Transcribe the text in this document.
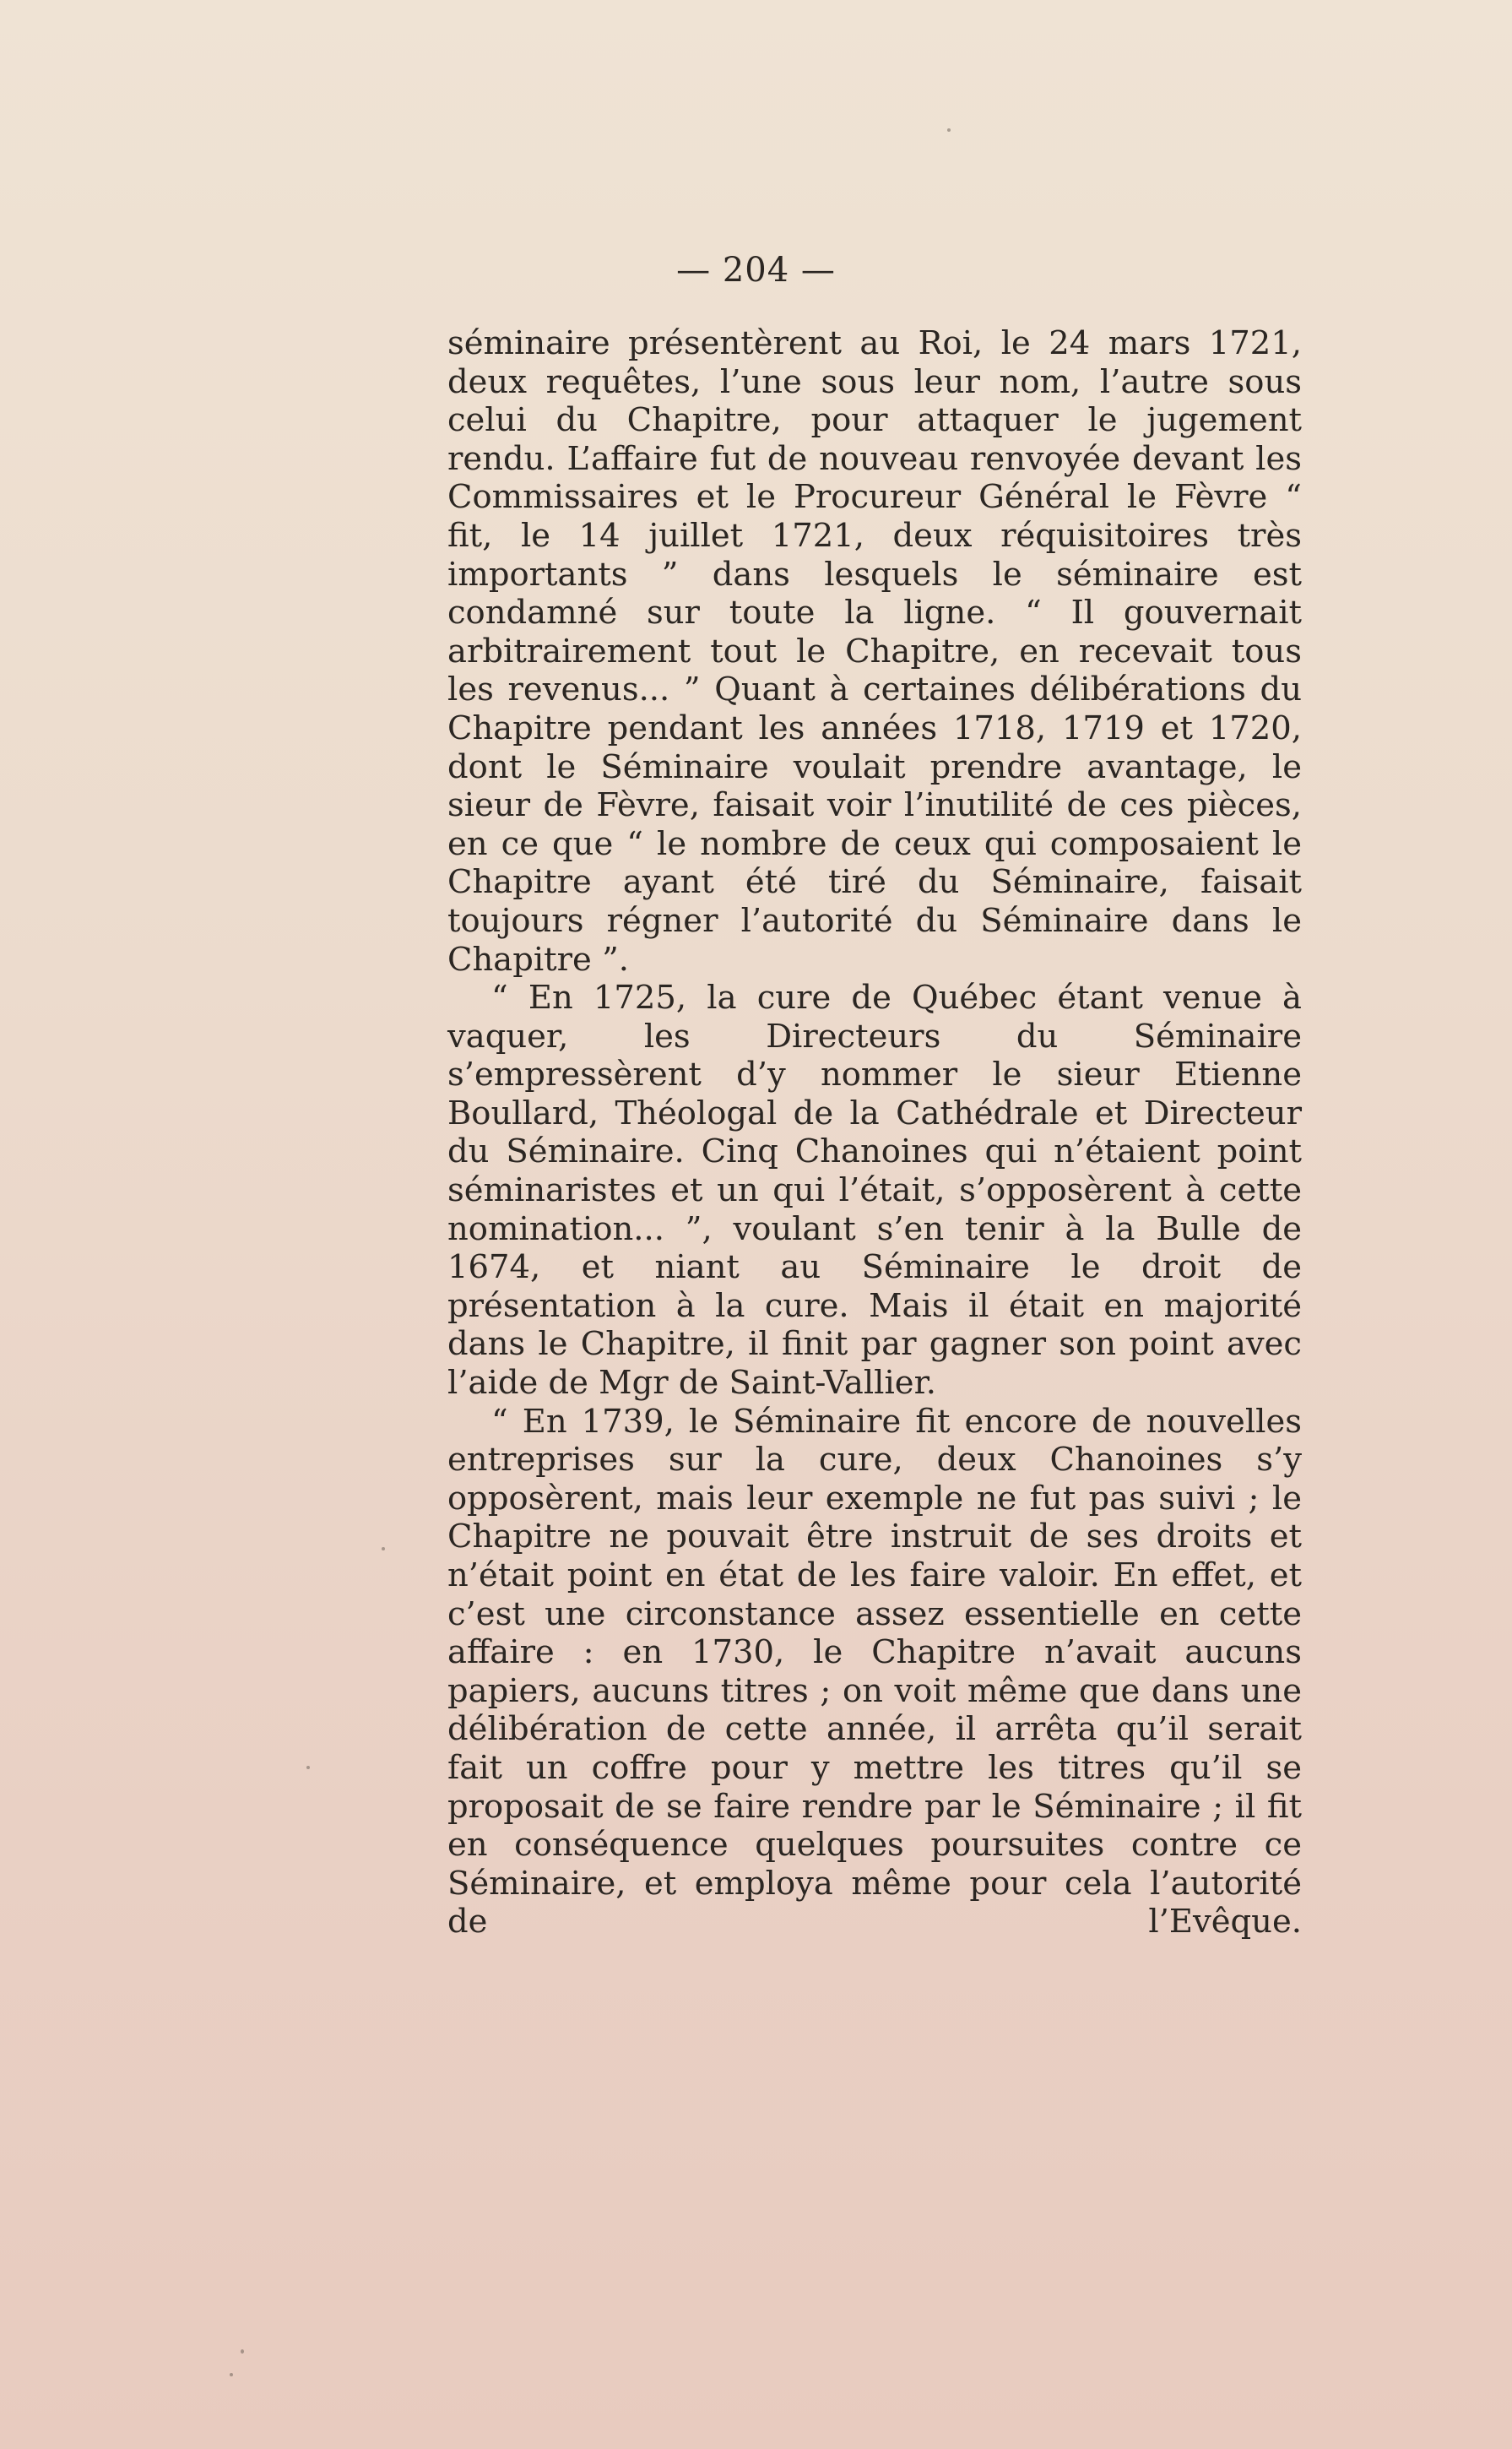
— 204 —

séminaire présentèrent au Roi, le 24 mars 1721, deux requêtes, l’une sous leur nom, l’autre sous celui du Chapitre, pour attaquer le jugement rendu. L’affaire fut de nouveau renvoyée devant les Commissaires et le Procureur Général le Fèvre “ fit, le 14 juillet 1721, deux réquisitoires très importants ” dans lesquels le séminaire est condamné sur toute la ligne. “ Il gouvernait arbitrairement tout le Chapitre, en recevait tous les revenus... ” Quant à certaines délibérations du Chapitre pendant les années 1718, 1719 et 1720, dont le Séminaire voulait prendre avantage, le sieur de Fèvre, faisait voir l’inutilité de ces pièces, en ce que “ le nombre de ceux qui composaient le Chapitre ayant été tiré du Séminaire, faisait toujours régner l’autorité du Séminaire dans le Chapitre ”.

“ En 1725, la cure de Québec étant venue à vaquer, les Directeurs du Séminaire s’empressèrent d’y nommer le sieur Etienne Boullard, Théologal de la Cathédrale et Directeur du Séminaire. Cinq Chanoines qui n’étaient point séminaristes et un qui l’était, s’opposèrent à cette nomination... ”, voulant s’en tenir à la Bulle de 1674, et niant au Séminaire le droit de présentation à la cure. Mais il était en majorité dans le Chapitre, il finit par gagner son point avec l’aide de Mgr de Saint-Vallier.

“ En 1739, le Séminaire fit encore de nouvelles entreprises sur la cure, deux Chanoines s’y opposèrent, mais leur exemple ne fut pas suivi ; le Chapitre ne pouvait être instruit de ses droits et n’était point en état de les faire valoir. En effet, et c’est une circonstance assez essentielle en cette affaire : en 1730, le Chapitre n’avait aucuns papiers, aucuns titres ; on voit même que dans une délibération de cette année, il arrêta qu’il serait fait un coffre pour y mettre les titres qu’il se proposait de se faire rendre par le Séminaire ; il fit en conséquence quelques poursuites contre ce Séminaire, et employa même pour cela l’autorité de l’Evêque.
